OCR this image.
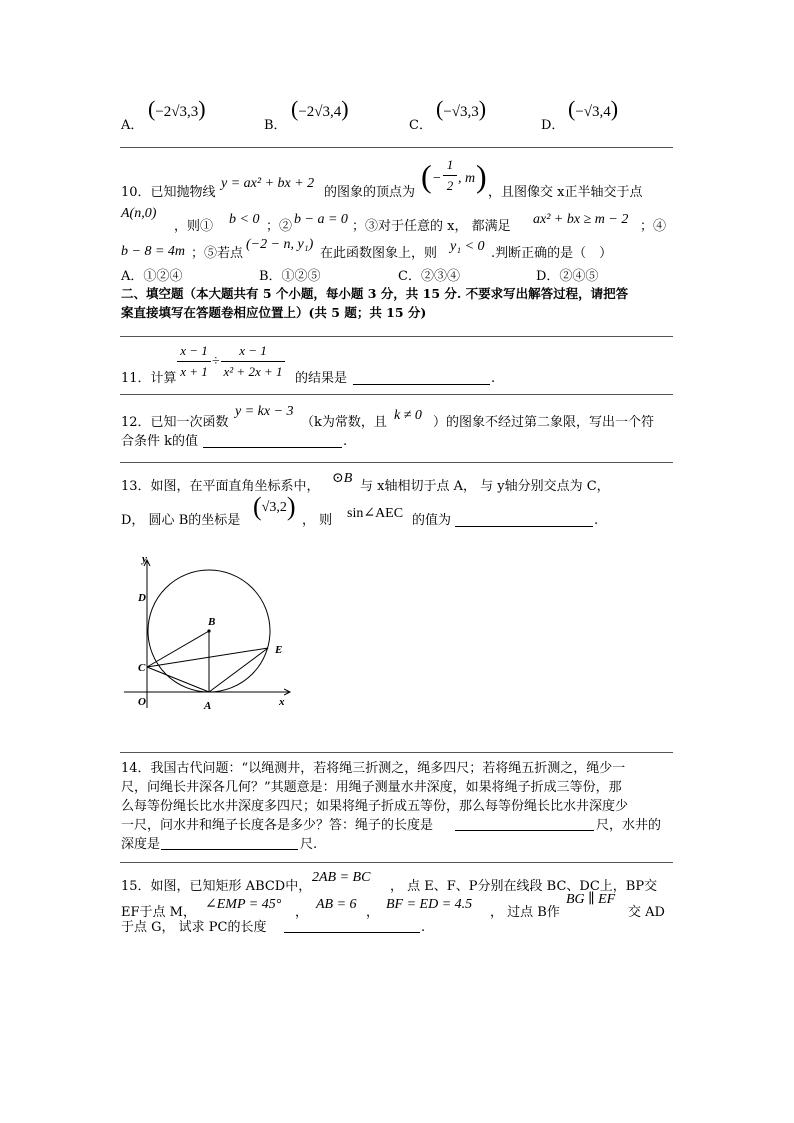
A．
(−2√3,3)
B．
(−2√3,4)
C．
(−√3,3)
D．
(−√3,4)
10．已知抛物线
y = ax² + bx + 2
的图象的顶点为 ( −
1
2 , m ) ，且图像交 x正半轴交于点
A(n,0)
，则① b < 0 ；② b − a = 0 ；③对于任意的 x， 都满足 ax² + bx ≥ m − 2 ；④
b − 8 = 4m ；⑤若点
(−2 − n, y₁)
在此函数图象上，则 y₁ < 0 .判断正确的是（　）
A．①②④	B．①②⑤	C．②③④	D．②④⑤
二、填空题（本大题共有 5 个小题，每小题 3 分，共 15 分. 不要求写出解答过程，请把答
案直接填写在答题卷相应位置上）(共 5 题；共 15 分)
11．计算
x − 1
x + 1
÷
x − 1
x² + 2x + 1 的结果是	.
12．已知一次函数
y = kx − 3
（k为常数，且 k ≠ 0 ）的图象不经过第二象限，写出一个符
合条件 k的值	.
13．如图，在平面直角坐标系中，
⊙B
与 x轴相切于点 A， 与 y轴分别交点为 C，
D， 圆心 B的坐标是 (√3,2) ， 则 sin∠AEC 的值为	.
y
x
O	A
B
C
D
E
14．我国古代问题：“以绳测井，若将绳三折测之，绳多四尺；若将绳五折测之，绳少一
尺，问绳长井深各几何？”其题意是：用绳子测量水井深度，如果将绳子折成三等份，那
么每等份绳长比水井深度多四尺；如果将绳子折成五等份，那么每等份绳长比水井深度少
一尺，问水井和绳子长度各是多少？答：绳子的长度是	尺，水井的
深度是	尺.
15．如图，已知矩形 ABCD中，
2AB = BC
， 点 E、F、P分别在线段 BC、DC上，BP交
EF于点 M，
∠EMP = 45°
，
AB = 6
，
BF = ED = 4.5
， 过点 B作
BG ∥ EF
交 AD
于点 G， 试求 PC的长度	.
